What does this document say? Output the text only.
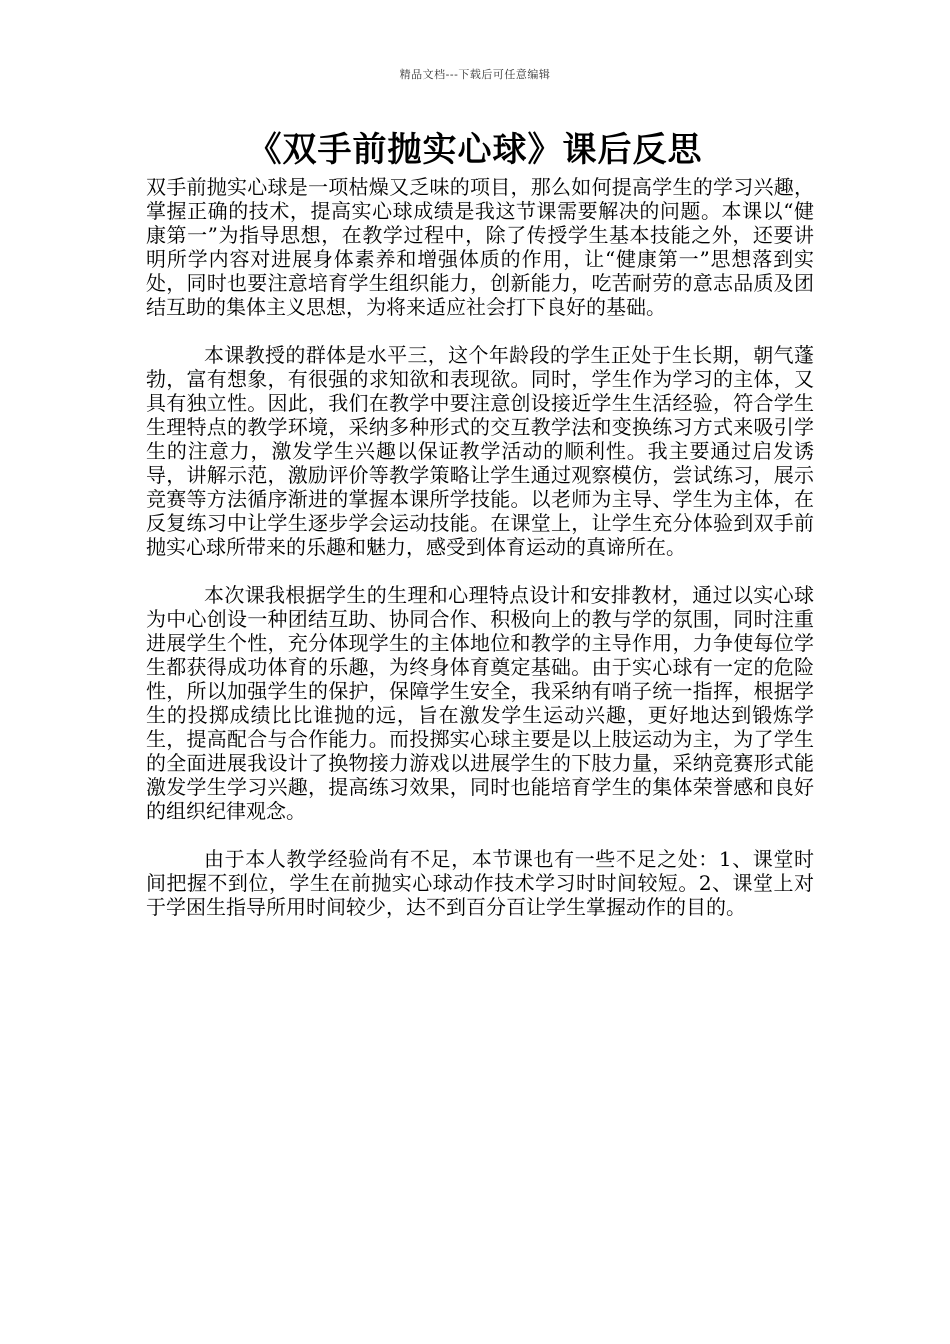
精品文档---下载后可任意编辑
《双手前抛实心球》课后反思

双手前抛实心球是一项枯燥又乏味的项目，那么如何提高学生的学习兴趣，掌握正确的技术，提高实心球成绩是我这节课需要解决的问题。本课以“健康第一”为指导思想，在教学过程中，除了传授学生基本技能之外，还要讲明所学内容对进展身体素养和增强体质的作用，让“健康第一”思想落到实处，同时也要注意培育学生组织能力，创新能力，吃苦耐劳的意志品质及团结互助的集体主义思想，为将来适应社会打下良好的基础。

本课教授的群体是水平三，这个年龄段的学生正处于生长期，朝气蓬勃，富有想象，有很强的求知欲和表现欲。同时，学生作为学习的主体，又具有独立性。因此，我们在教学中要注意创设接近学生生活经验，符合学生生理特点的教学环境，采纳多种形式的交互教学法和变换练习方式来吸引学生的注意力，激发学生兴趣以保证教学活动的顺利性。我主要通过启发诱导，讲解示范，激励评价等教学策略让学生通过观察模仿，尝试练习，展示竞赛等方法循序渐进的掌握本课所学技能。以老师为主导、学生为主体，在反复练习中让学生逐步学会运动技能。在课堂上，让学生充分体验到双手前抛实心球所带来的乐趣和魅力，感受到体育运动的真谛所在。

本次课我根据学生的生理和心理特点设计和安排教材，通过以实心球为中心创设一种团结互助、协同合作、积极向上的教与学的氛围，同时注重进展学生个性，充分体现学生的主体地位和教学的主导作用，力争使每位学生都获得成功体育的乐趣，为终身体育奠定基础。由于实心球有一定的危险性，所以加强学生的保护，保障学生安全，我采纳有哨子统一指挥，根据学生的投掷成绩比比谁抛的远，旨在激发学生运动兴趣，更好地达到锻炼学生，提高配合与合作能力。而投掷实心球主要是以上肢运动为主，为了学生的全面进展我设计了换物接力游戏以进展学生的下肢力量，采纳竞赛形式能激发学生学习兴趣，提高练习效果，同时也能培育学生的集体荣誉感和良好的组织纪律观念。

由于本人教学经验尚有不足，本节课也有一些不足之处：1、课堂时间把握不到位，学生在前抛实心球动作技术学习时时间较短。2、课堂上对于学困生指导所用时间较少，达不到百分百让学生掌握动作的目的。
